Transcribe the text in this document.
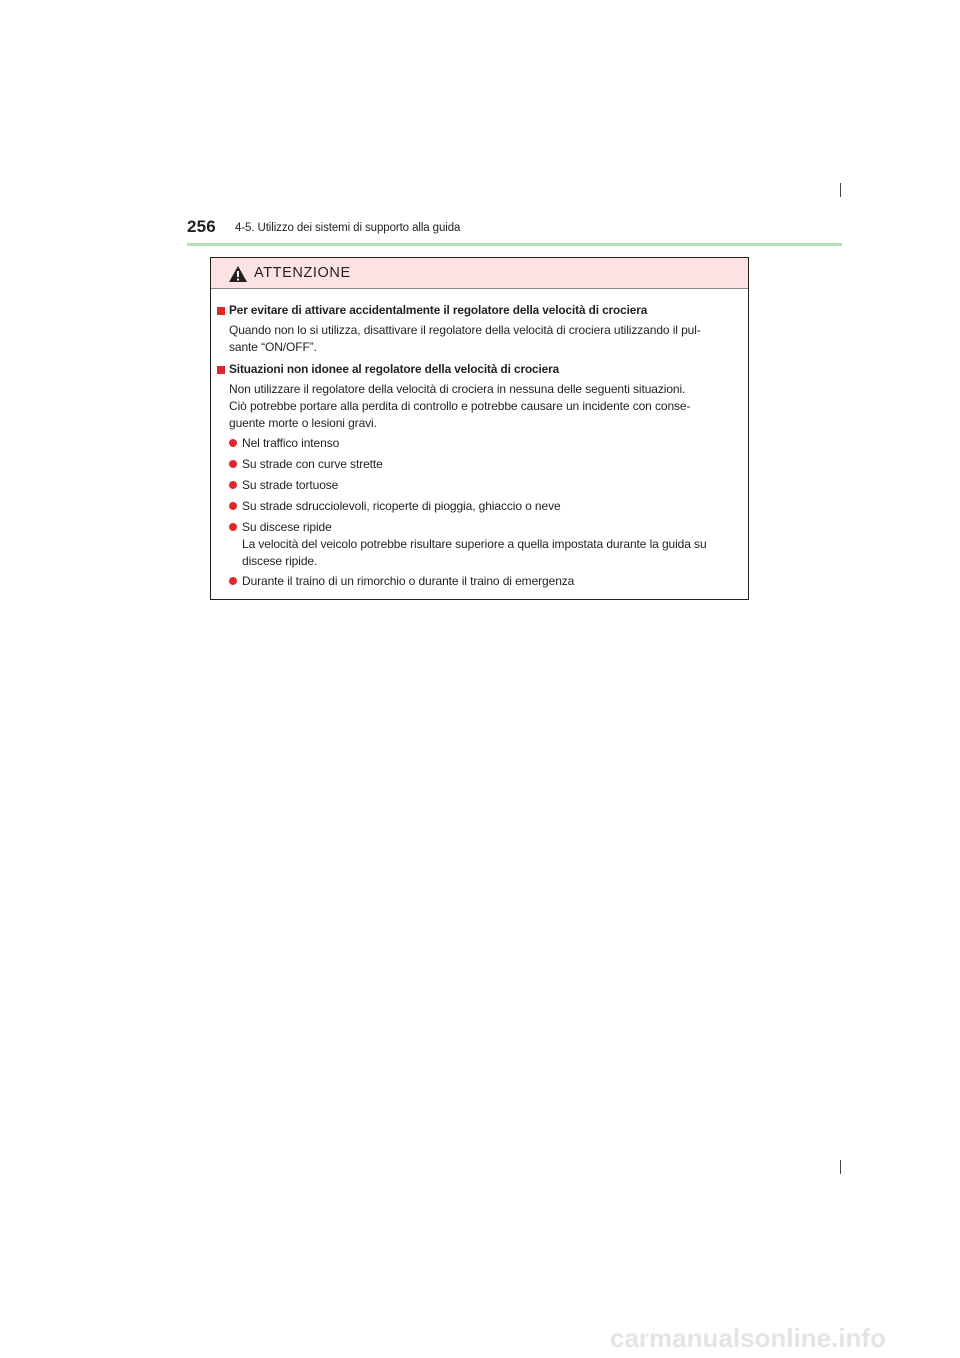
256 4-5. Utilizzo dei sistemi di supporto alla guida
ATTENZIONE
Per evitare di attivare accidentalmente il regolatore della velocità di crociera
Quando non lo si utilizza, disattivare il regolatore della velocità di crociera utilizzando il pul-
sante “ON/OFF”.
Situazioni non idonee al regolatore della velocità di crociera
Non utilizzare il regolatore della velocità di crociera in nessuna delle seguenti situazioni.
Ciò potrebbe portare alla perdita di controllo e potrebbe causare un incidente con conse-
guente morte o lesioni gravi.
Nel traffico intenso
Su strade con curve strette
Su strade tortuose
Su strade sdrucciolevoli, ricoperte di pioggia, ghiaccio o neve
Su discese ripide
La velocità del veicolo potrebbe risultare superiore a quella impostata durante la guida su
discese ripide.
Durante il traino di un rimorchio o durante il traino di emergenza
carmanualsonline.info
